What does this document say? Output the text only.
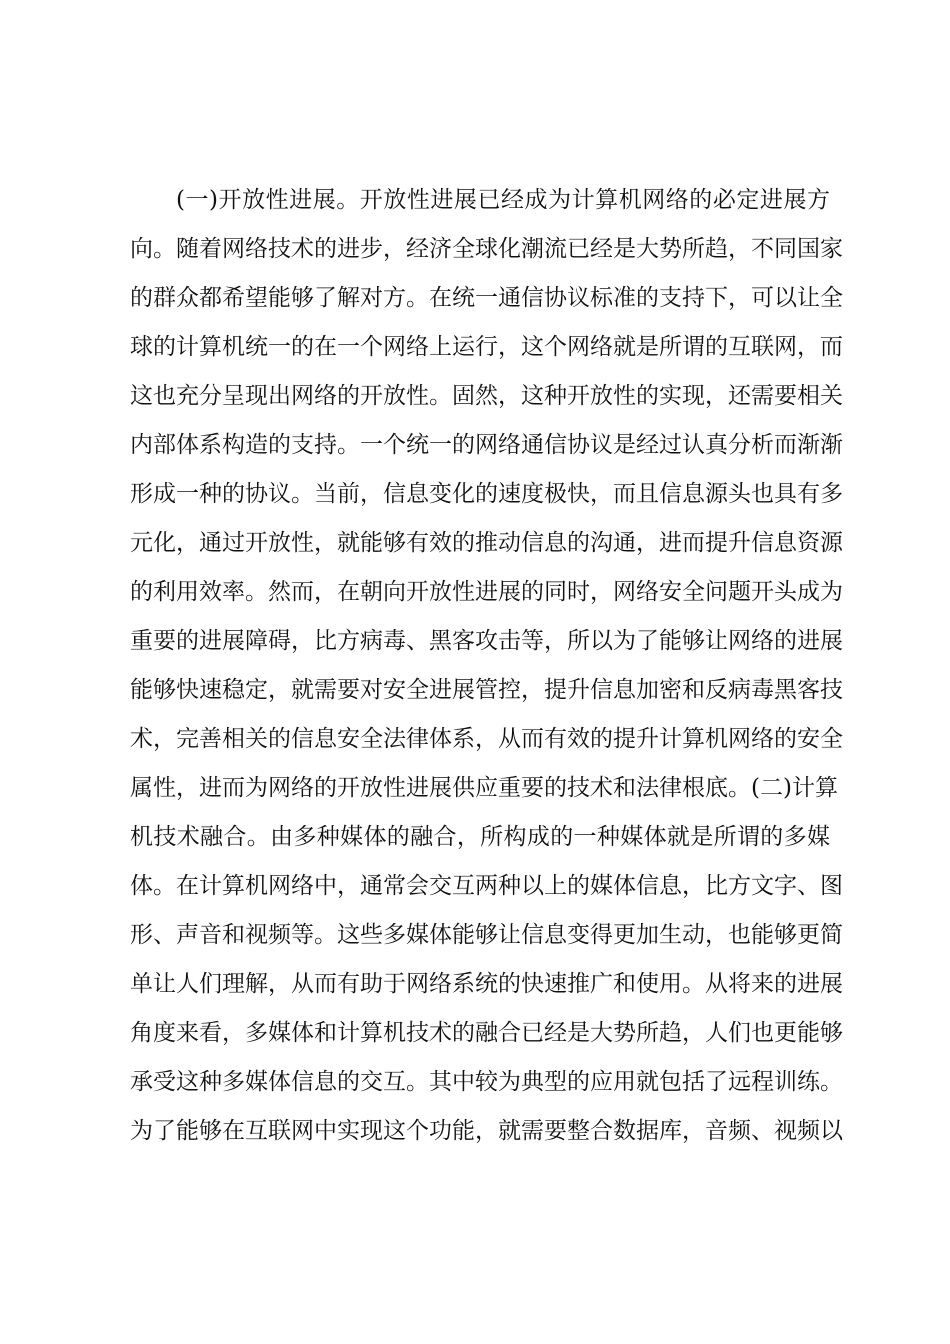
(一)开放性进展。开放性进展已经成为计算机网络的必定进展方
向。随着网络技术的进步，经济全球化潮流已经是大势所趋，不同国家
的群众都希望能够了解对方。在统一通信协议标准的支持下，可以让全
球的计算机统一的在一个网络上运行，这个网络就是所谓的互联网，而
这也充分呈现出网络的开放性。固然，这种开放性的实现，还需要相关
内部体系构造的支持。一个统一的网络通信协议是经过认真分析而渐渐
形成一种的协议。当前，信息变化的速度极快，而且信息源头也具有多
元化，通过开放性，就能够有效的推动信息的沟通，进而提升信息资源
的利用效率。然而，在朝向开放性进展的同时，网络安全问题开头成为
重要的进展障碍，比方病毒、黑客攻击等，所以为了能够让网络的进展
能够快速稳定，就需要对安全进展管控，提升信息加密和反病毒黑客技
术，完善相关的信息安全法律体系，从而有效的提升计算机网络的安全
属性，进而为网络的开放性进展供应重要的技术和法律根底。(二)计算
机技术融合。由多种媒体的融合，所构成的一种媒体就是所谓的多媒
体。在计算机网络中，通常会交互两种以上的媒体信息，比方文字、图
形、声音和视频等。这些多媒体能够让信息变得更加生动，也能够更简
单让人们理解，从而有助于网络系统的快速推广和使用。从将来的进展
角度来看，多媒体和计算机技术的融合已经是大势所趋，人们也更能够
承受这种多媒体信息的交互。其中较为典型的应用就包括了远程训练。
为了能够在互联网中实现这个功能，就需要整合数据库，音频、视频以
